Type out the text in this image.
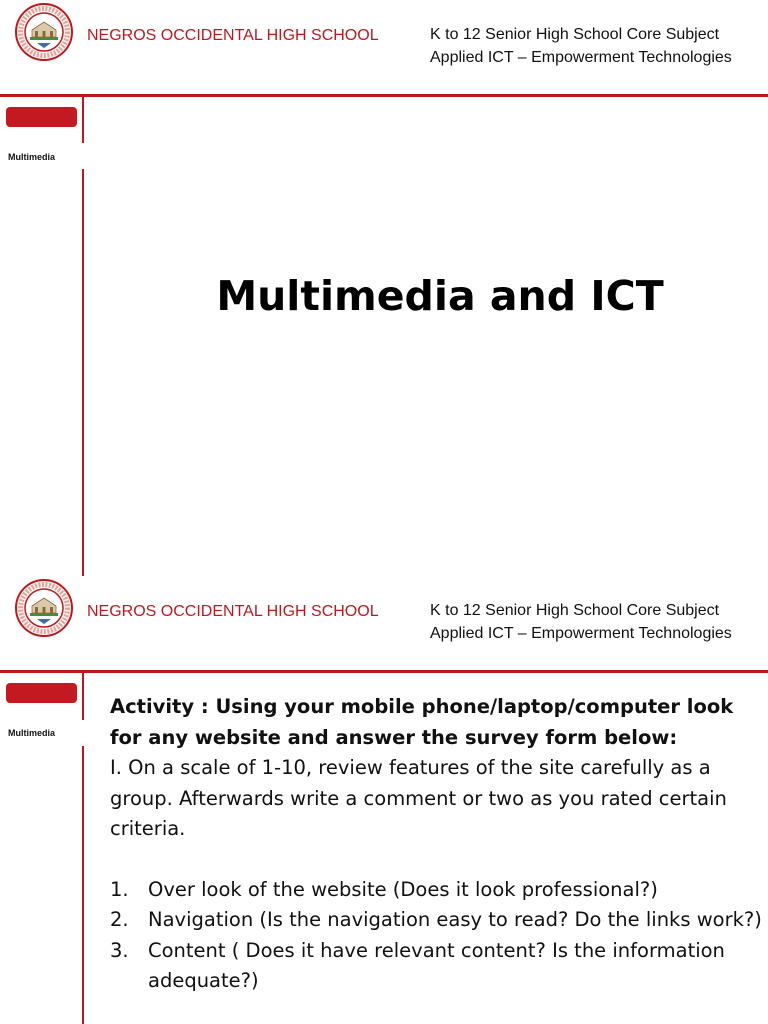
NEGROS OCCIDENTAL HIGH SCHOOL	K to 12 Senior High School Core Subject
Applied ICT – Empowerment Technologies
Multimedia
Multimedia and ICT
NEGROS OCCIDENTAL HIGH SCHOOL	K to 12 Senior High School Core Subject
Applied ICT – Empowerment Technologies
Multimedia

Activity : Using your mobile phone/laptop/computer look for any website and answer the survey form below:

I. On a scale of 1-10, review features of the site carefully as a group. Afterwards write a comment or two as you rated certain criteria.

1. Over look of the website (Does it look professional?)
2. Navigation (Is the navigation easy to read? Do the links work?)
3. Content ( Does it have relevant content? Is the information adequate?)
